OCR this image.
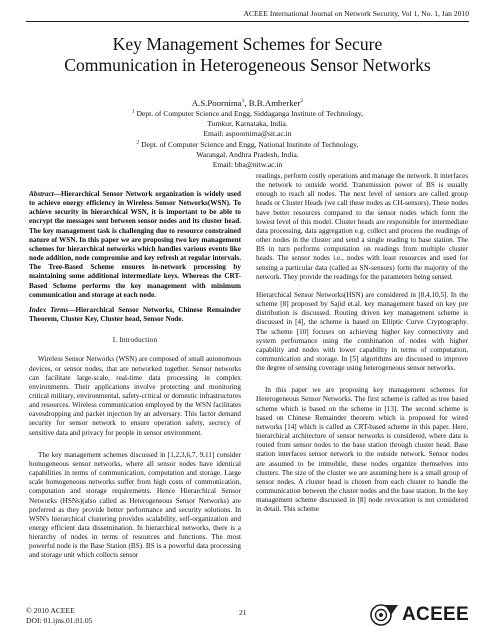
ACEEE International Journal on Network Security, Vol 1, No. 1, Jan 2010
Key Management Schemes for Secure Communication in Heterogeneous Sensor Networks
A.S.Poornima$^1$, B.B.Amberker$^2$
$^1$ Dept. of Computer Science and Engg, Siddaganga Institute of Technology,
Tumkur, Karnataka, India.
Email: aspoornima@sit.ac.in
$^2$ Dept. of Computer Science and Engg, National Institute of Technology,
Warangal, Andhra Pradesh, India.
Email: bba@nitw.ac.in

Abstract—Hierarchical Sensor Network organization is widely used to achieve energy efficiency in Wireless Sensor Networks(WSN). To achieve security in hierarchical WSN, it is important to be able to encrypt the messages sent between sensor nodes and its cluster head. The key management task is challenging due to resource constrained nature of WSN. In this paper we are proposing two key management schemes for hierarchical networks which handles various events like node addition, node compromise and key refresh at regular intervals. The Tree-Based Scheme ensures in-network processing by maintaining some additional intermediate keys. Whereas the CRT-Based Scheme performs the key management with minimum communication and storage at each node.

Index Terms—Hierarchical Sensor Networks, Chinese Remainder Theorem, Cluster Key, Cluster head, Sensor Node.

I. Introduction

Wireless Sensor Networks (WSN) are composed of small autonomous devices, or sensor nodes, that are networked together. Sensor networks can facilitate large-scale, real-time data processing in complex environments. Their applications involve protecting and monitoring critical military, environmental, safety-critical or domestic infrastructures and resources. Wireless communication employed by the WSN facilitates eavesdropping and packet injection by an adversary. This factor demand security for sensor network to ensure operation safety, secrecy of sensitive data and privacy for people in sensor environment.

The key management schemes discussed in [1,2,3,6,7, 9,11] consider homogeneous sensor networks, where all sensor nodes have identical capabilities in terms of communication, computation and storage. Large scale homogeneous networks suffer from high costs of communication, computation and storage requirements. Hence Hierarchical Sensor Networks (HSNs)(also called as Heterogeneous Sensor Networks) are preferred as they provide better performance and security solutions. In WSN's hierarchical clustering provides scalability, self-organization and energy efficient data dissemination. In hierarchical networks, there is a hierarchy of nodes in terms of resources and functions. The most powerful node is the Base Station (BS). BS is a powerful data processing and storage unit which collects sensor

readings, perform costly operations and manage the network. It interfaces the network to outside world. Transmission power of BS is usually enough to reach all nodes. The next level of sensors are called group heads or Cluster Heads (we call these nodes as CH-sensors). These nodes have better resources compared to the sensor nodes which form the lowest level of this model. Cluster heads are responsible for intermediate data processing, data aggregation e.g. collect and process the readings of other nodes in the cluster and send a single reading to base station. The BS in turn performs computation on readings from multiple cluster heads. The sensor nodes i.e., nodes with least resources and used for sensing a particular data (called as SN-sensors) form the majority of the network. They provide the readings for the parameters being sensed.

Hierarchical Sensor Networks(HSN) are considered in [8,4,10,5]. In the scheme [8] proposed by Sajid et.al. key management based on key pre distribution is discussed. Routing driven key management scheme is discussed in [4], the scheme is based on Elliptic Curve Cryptography. The scheme [10] focuses on achieving higher key connectivity and system performance using the combination of nodes with higher capability and nodes with lower capability in terms of computation, communication and storage. In [5] algorithms are discussed to improve the degree of sensing coverage using heterogeneous sensor networks.

In this paper we are proposing key management schemes for Heterogeneous Sensor Networks. The first scheme is called as tree based scheme which is based on the scheme in [13]. The second scheme is based on Chinese Remainder theorem which is proposed for wired networks [14] which is called as CRT-based scheme in this paper. Here, hierarchical architecture of sensor networks is considered, where data is routed from sensor nodes to the base station through cluster head. Base station interfaces sensor network to the outside network. Sensor nodes are assumed to be immobile, these nodes organize themselves into clusters. The size of the cluster we are assuming here is a small group of sensor nodes. A cluster head is chosen from each cluster to handle the communication between the cluster nodes and the base station. In the key management scheme discussed in [8] node revocation is not considered in detail. This scheme

© 2010 ACEEE
DOI: 01.ijns.01.01.05
21	ACEEE
